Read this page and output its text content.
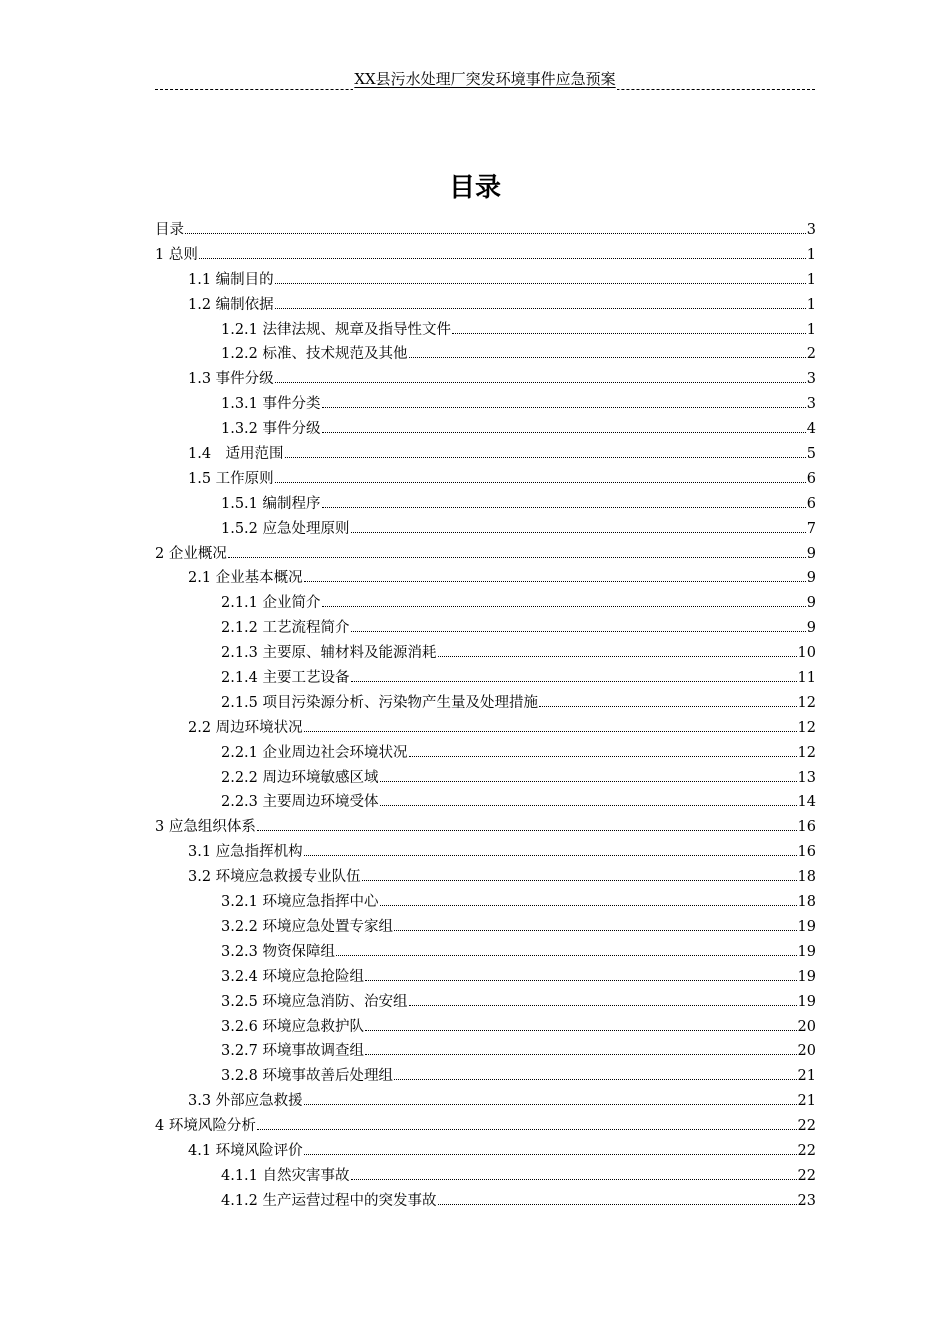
XX县污水处理厂突发环境事件应急预案
目录
目录	3
1 总则	1
1.1 编制目的	1
1.2 编制依据	1
1.2.1 法律法规、规章及指导性文件	1
1.2.2 标准、技术规范及其他	2
1.3 事件分级	3
1.3.1 事件分类	3
1.3.2 事件分级	4
1.4　适用范围	5
1.5 工作原则	6
1.5.1 编制程序	6
1.5.2 应急处理原则	7
2 企业概况	9
2.1 企业基本概况	9
2.1.1 企业简介	9
2.1.2 工艺流程简介	9
2.1.3 主要原、辅材料及能源消耗	10
2.1.4 主要工艺设备	11
2.1.5 项目污染源分析、污染物产生量及处理措施	12
2.2 周边环境状况	12
2.2.1 企业周边社会环境状况	12
2.2.2 周边环境敏感区域	13
2.2.3 主要周边环境受体	14
3 应急组织体系	16
3.1 应急指挥机构	16
3.2 环境应急救援专业队伍	18
3.2.1 环境应急指挥中心	18
3.2.2 环境应急处置专家组	19
3.2.3 物资保障组	19
3.2.4 环境应急抢险组	19
3.2.5 环境应急消防、治安组	19
3.2.6 环境应急救护队	20
3.2.7 环境事故调查组	20
3.2.8 环境事故善后处理组	21
3.3 外部应急救援	21
4 环境风险分析	22
4.1 环境风险评价	22
4.1.1 自然灾害事故	22
4.1.2 生产运营过程中的突发事故	23
